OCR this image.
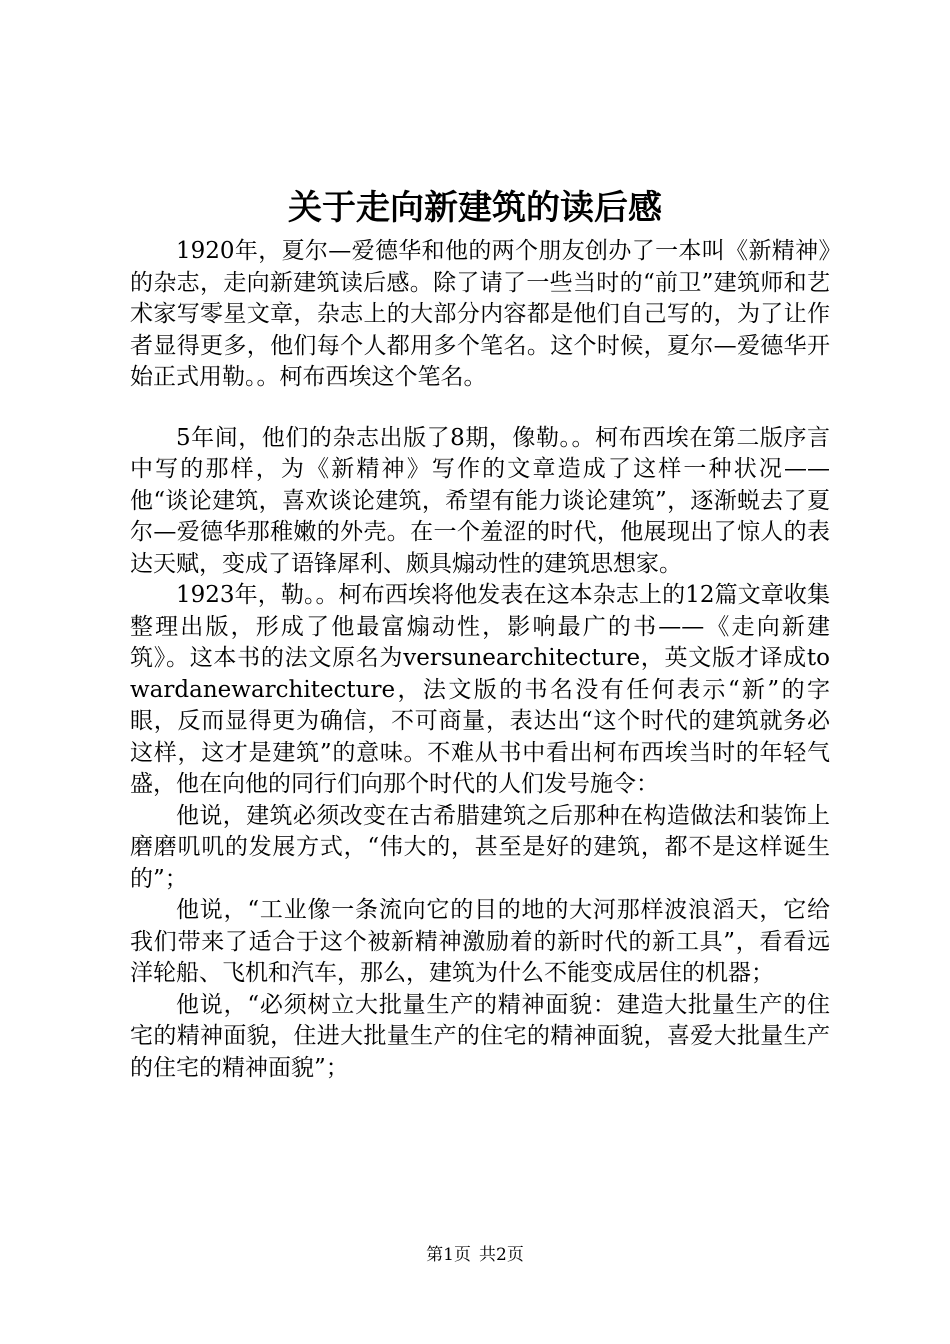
关于走向新建筑的读后感

1920年，夏尔—爱德华和他的两个朋友创办了一本叫《新精神》的杂志，走向新建筑读后感。除了请了一些当时的“前卫”建筑师和艺术家写零星文章，杂志上的大部分内容都是他们自己写的，为了让作者显得更多，他们每个人都用多个笔名。这个时候，夏尔—爱德华开始正式用勒。。柯布西埃这个笔名。

5年间，他们的杂志出版了8期，像勒。。柯布西埃在第二版序言中写的那样，为《新精神》写作的文章造成了这样一种状况——他“谈论建筑，喜欢谈论建筑，希望有能力谈论建筑”，逐渐蜕去了夏尔—爱德华那稚嫩的外壳。在一个羞涩的时代，他展现出了惊人的表达天赋，变成了语锋犀利、颇具煽动性的建筑思想家。

1923年，勒。。柯布西埃将他发表在这本杂志上的12篇文章收集整理出版，形成了他最富煽动性，影响最广的书——《走向新建筑》。这本书的法文原名为versunearchitecture，英文版才译成towardanewarchitecture，法文版的书名没有任何表示“新”的字眼，反而显得更为确信，不可商量，表达出“这个时代的建筑就务必这样，这才是建筑”的意味。不难从书中看出柯布西埃当时的年轻气盛，他在向他的同行们向那个时代的人们发号施令：

他说，建筑必须改变在古希腊建筑之后那种在构造做法和装饰上磨磨叽叽的发展方式，“伟大的，甚至是好的建筑，都不是这样诞生的”；

他说，“工业像一条流向它的目的地的大河那样波浪滔天，它给我们带来了适合于这个被新精神激励着的新时代的新工具”，看看远洋轮船、飞机和汽车，那么，建筑为什么不能变成居住的机器；

他说，“必须树立大批量生产的精神面貌：建造大批量生产的住宅的精神面貌，住进大批量生产的住宅的精神面貌，喜爱大批量生产的住宅的精神面貌”；

第1页 共2页
